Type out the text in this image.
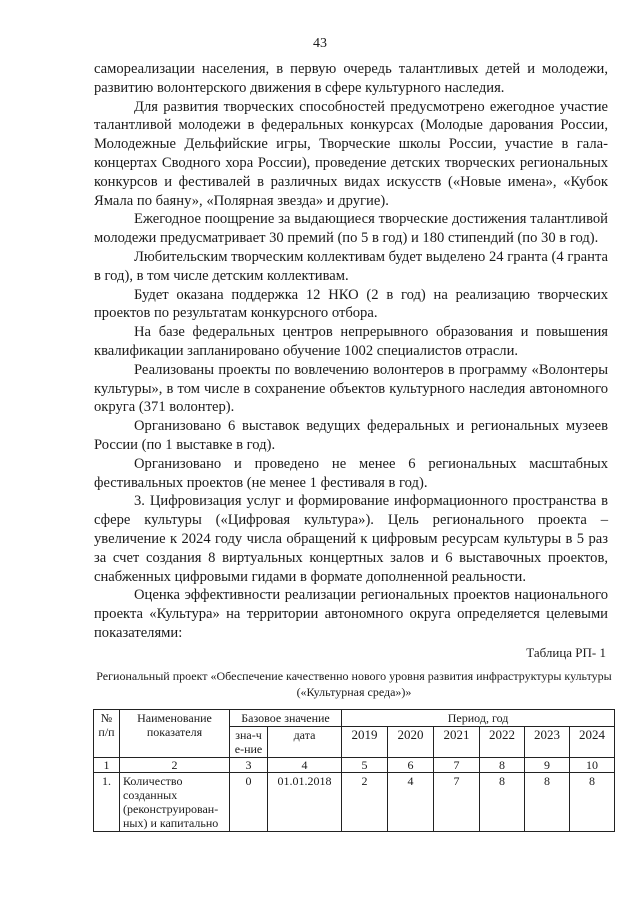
43

самореализации населения, в первую очередь талантливых детей и молодежи, развитию волонтерского движения в сфере культурного наследия.

Для развития творческих способностей предусмотрено ежегодное участие талантливой молодежи в федеральных конкурсах (Молодые дарования России, Молодежные Дельфийские игры, Творческие школы России, участие в гала-концертах Сводного хора России), проведение детских творческих региональных конкурсов и фестивалей в различных видах искусств («Новые имена», «Кубок Ямала по баяну», «Полярная звезда» и другие).

Ежегодное поощрение за выдающиеся творческие достижения талантливой молодежи предусматривает 30 премий (по 5 в год) и 180 стипендий (по 30 в год).

Любительским творческим коллективам будет выделено 24 гранта (4 гранта в год), в том числе детским коллективам.

Будет оказана поддержка 12 НКО (2 в год) на реализацию творческих проектов по результатам конкурсного отбора.

На базе федеральных центров непрерывного образования и повышения квалификации запланировано обучение 1002 специалистов отрасли.

Реализованы проекты по вовлечению волонтеров в программу «Волонтеры культуры», в том числе в сохранение объектов культурного наследия автономного округа (371 волонтер).

Организовано 6 выставок ведущих федеральных и региональных музеев России (по 1 выставке в год).

Организовано и проведено не менее 6 региональных масштабных фестивальных проектов (не менее 1 фестиваля в год).

3. Цифровизация услуг и формирование информационного пространства в сфере культуры («Цифровая культура»). Цель регионального проекта – увеличение к 2024 году числа обращений к цифровым ресурсам культуры в 5 раз за счет создания 8 виртуальных концертных залов и 6 выставочных проектов, снабженных цифровыми гидами в формате дополненной реальности.

Оценка эффективности реализации региональных проектов национального проекта «Культура» на территории автономного округа определяется целевыми показателями:

Таблица РП- 1
Региональный проект «Обеспечение качественно нового уровня развития инфраструктуры культуры («Культурная среда»)»
№ п/п	Наименование показателя	Базовое значение		Период, год					
		зна-че-ние	дата	2019	2020	2021	2022	2023	2024
1	2	3	4	5	6	7	8	9	10
1.	Количество созданных (реконструирован-ных) и капитально	0	01.01.2018	2	4	7	8	8	8
